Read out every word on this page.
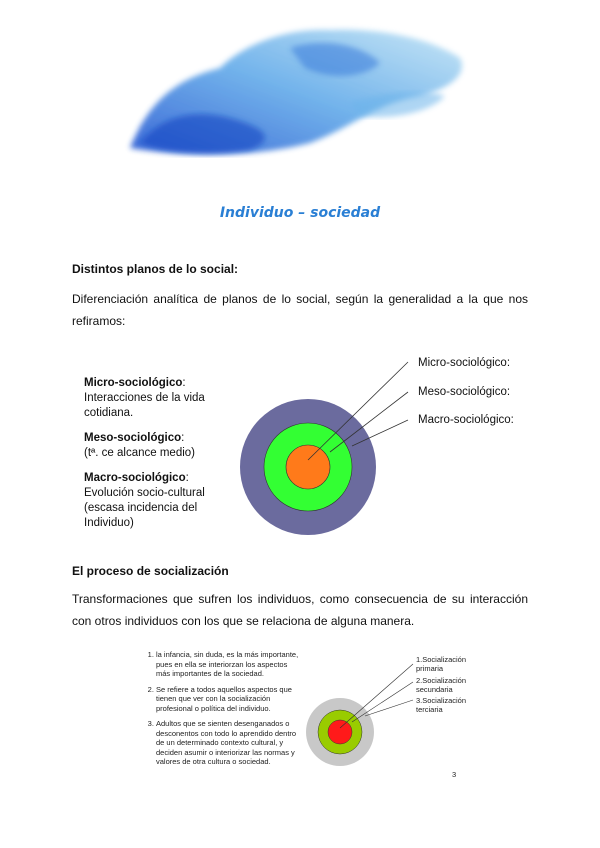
Individuo – sociedad
Distintos planos de lo social:
Diferenciación analítica de planos de lo social, según la generalidad a la que nos refiramos:
Micro-sociológico:
Interacciones de la vida cotidiana.
Meso-sociológico:
(tª. ce alcance medio)
Macro-sociológico:
Evolución socio-cultural (escasa incidencia del Individuo)
Micro-sociológico:
Meso-sociológico:
Macro-sociológico:
El proceso de socialización
Transformaciones que sufren los individuos, como consecuencia de su interacción con otros individuos con los que se relaciona de alguna manera.
1. la infancia, sin duda, es la más importante, pues en ella se interiorzan los aspectos más importantes de la sociedad.
2. Se refiere a todos aquellos aspectos que tienen que ver con la socialización profesional o política del individuo.
3. Adultos que se sienten desenganados o desconentos con todo lo aprendido dentro de un determinado contexto cultural, y deciden asumir o interiorizar las normas y valores de otra cultura o sociedad.
1.Socialización primaria
2.Socialización secundaria
3.Socialización terciaria
3
